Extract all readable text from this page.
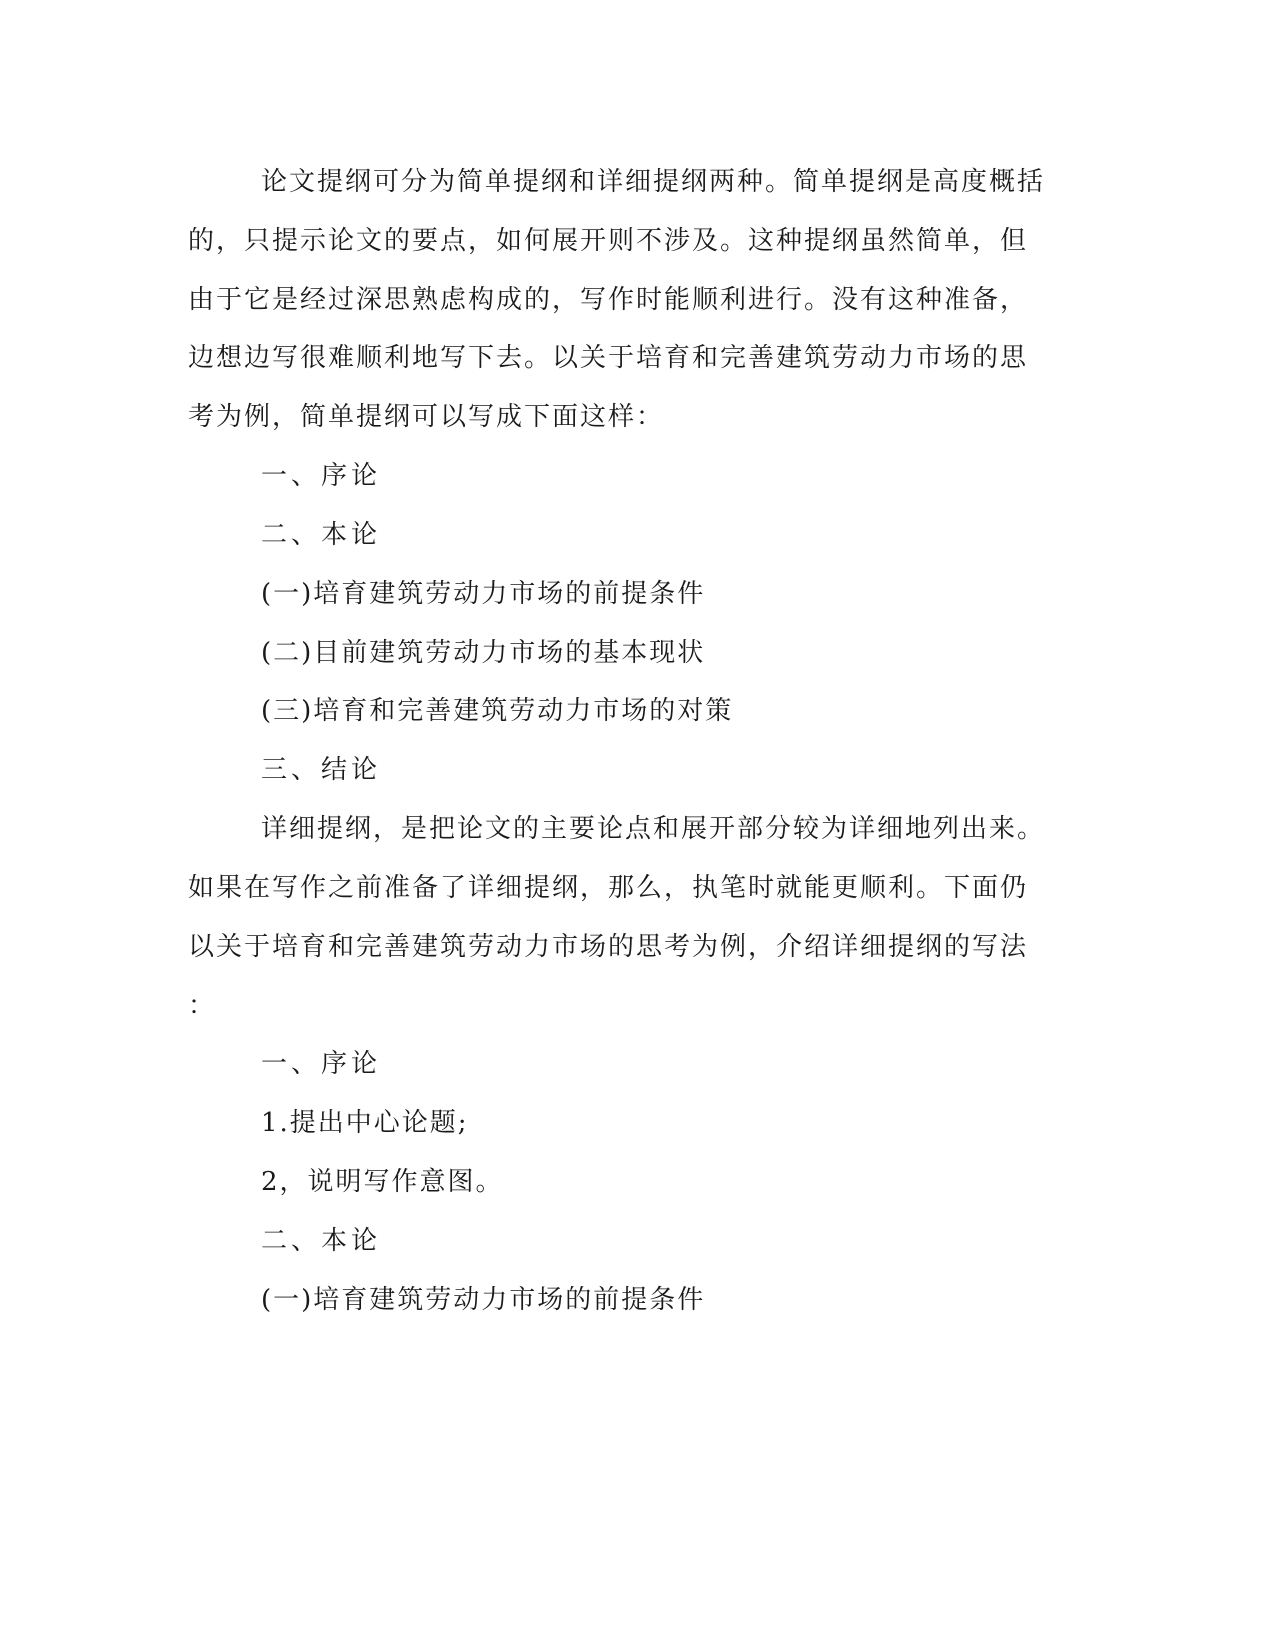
论文提纲可分为简单提纲和详细提纲两种。简单提纲是高度概括
的，只提示论文的要点，如何展开则不涉及。这种提纲虽然简单，但
由于它是经过深思熟虑构成的，写作时能顺利进行。没有这种准备，
边想边写很难顺利地写下去。以关于培育和完善建筑劳动力市场的思
考为例，简单提纲可以写成下面这样：
一、序论
二、本论
(一)培育建筑劳动力市场的前提条件
(二)目前建筑劳动力市场的基本现状
(三)培育和完善建筑劳动力市场的对策
三、结论
详细提纲，是把论文的主要论点和展开部分较为详细地列出来。
如果在写作之前准备了详细提纲，那么，执笔时就能更顺利。下面仍
以关于培育和完善建筑劳动力市场的思考为例，介绍详细提纲的写法
：
一、序论
1.提出中心论题;
2，说明写作意图。
二、本论
(一)培育建筑劳动力市场的前提条件
